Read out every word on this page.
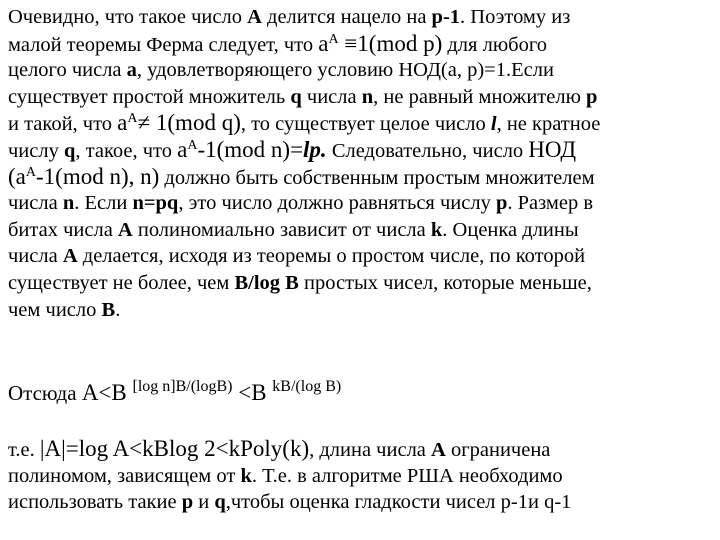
Очевидно, что такое число A делится нацело на p-1. Поэтому из
малой теоремы Ферма следует, что $a^A \equiv 1(mod$ p) для любого
целого числа a, удовлетворяющего условию НОД(a, p)=1.Если
существует простой множитель q числа n, не равный множителю p
и такой, что $a^A\ne 1(mod$ q), то существует целое число l, не кратное
числу q, такое, что $a^A-1(mod$ n)=lp. Следовательно, число НОД
($a^A-1(mod$ n), n) должно быть собственным простым множителем
числа n. Если n=pq, это число должно равняться числу p. Размер в
битах числа A полиномиально зависит от числа k. Оценка длины
числа A делается, исходя из теоремы о простом числе, по которой
существует не более, чем B/log B простых чисел, которые меньше,
чем число B.
Отсюда A<B $^{[log n]B/(logB)}$ <B $^{kB/(log B)}$
т.е. |A|=log A<kBlog 2<kPoly(k), длина числа A ограничена
полиномом, зависящем от k. Т.е. в алгоритме РША необходимо
использовать такие p и q,чтобы оценка гладкости чисел p-1и q-1
